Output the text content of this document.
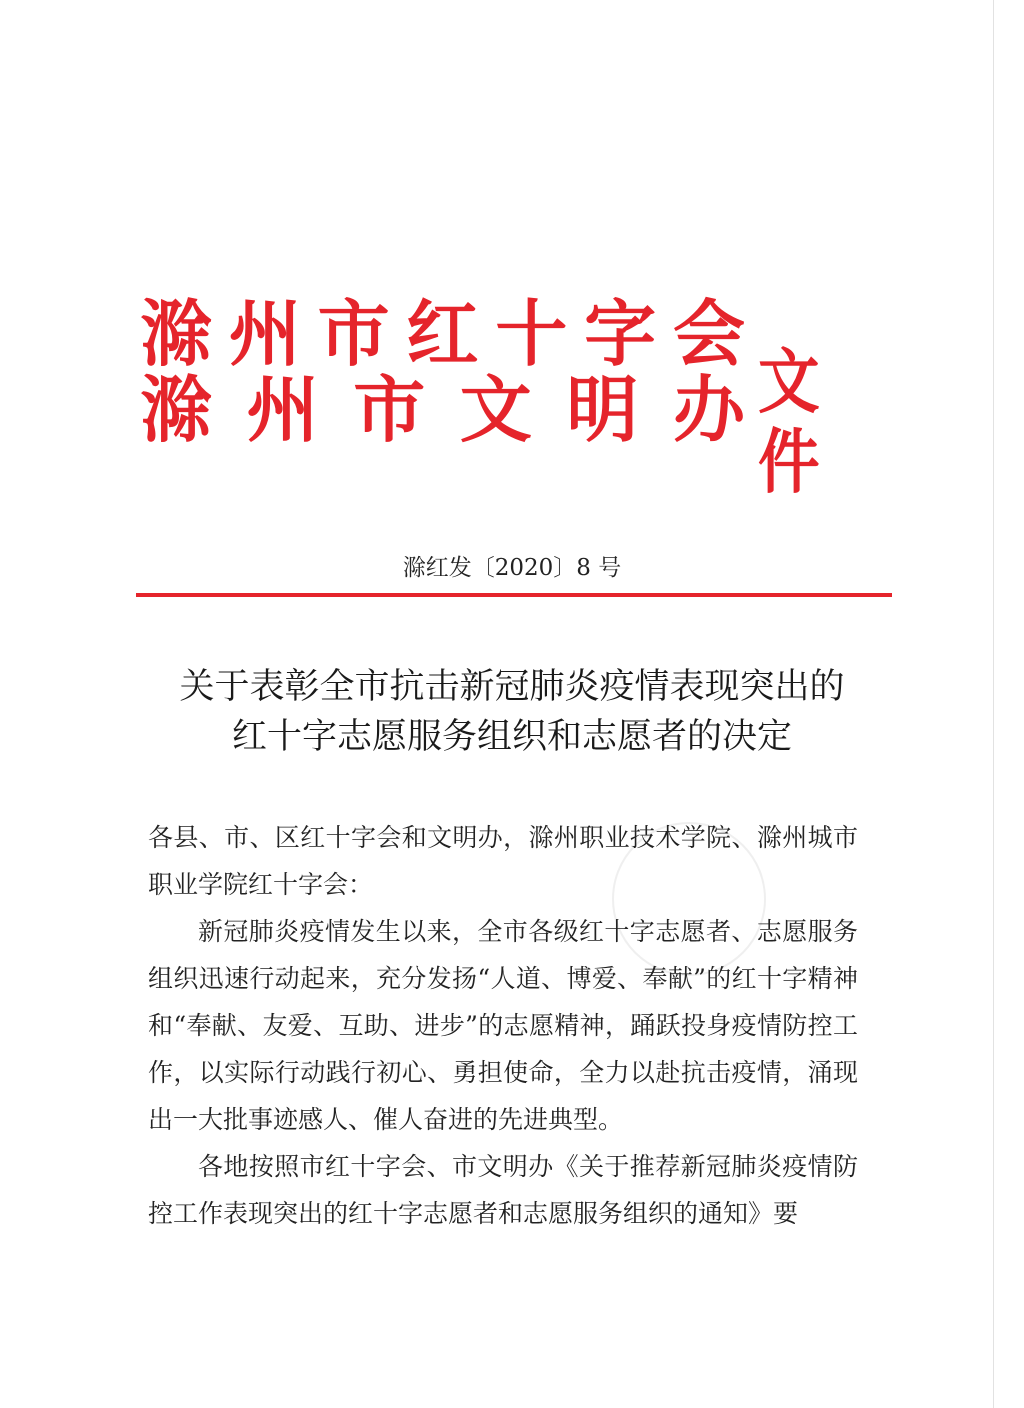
滁 州 市 红 十 字 会
滁 州 市 文 明 办 文件
滁红发〔2020〕8 号
关于表彰全市抗击新冠肺炎疫情表现突出的
红十字志愿服务组织和志愿者的决定

各县、市、区红十字会和文明办，滁州职业技术学院、滁州城市职业学院红十字会：

新冠肺炎疫情发生以来，全市各级红十字志愿者、志愿服务组织迅速行动起来，充分发扬“人道、博爱、奉献”的红十字精神和“奉献、友爱、互助、进步”的志愿精神，踊跃投身疫情防控工作，以实际行动践行初心、勇担使命，全力以赴抗击疫情，涌现出一大批事迹感人、催人奋进的先进典型。

各地按照市红十字会、市文明办《关于推荐新冠肺炎疫情防控工作表现突出的红十字志愿者和志愿服务组织的通知》要
